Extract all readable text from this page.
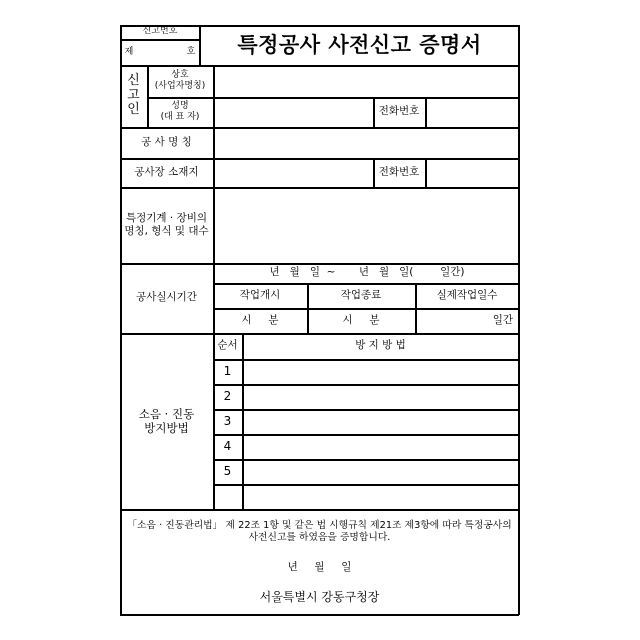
신고번호
제	호	특정공사 사전신고 증명서
신
고
인
상호
(사업자명칭)
성명
(대 표 자)	전화번호
공 사 명 칭
공사장 소재지	전화번호
특정기계 · 장비의
명칭, 형식 및 대수
공사실시기간
년   월   일  ~       년   월   일(        일간)
작업개시	작업종료	실제작업일수
시     분	시     분	일간
소음 · 진동
방지방법
순서	방 지 방 법
1
2
3
4
5
「소음 · 진동관리법」 제 22조 1항 및 같은 법 시행규칙 제21조 제3항에 따라 특정공사의
사전신고를 하였음을 증명합니다.
년     월     일
서울특별시 강동구청장
